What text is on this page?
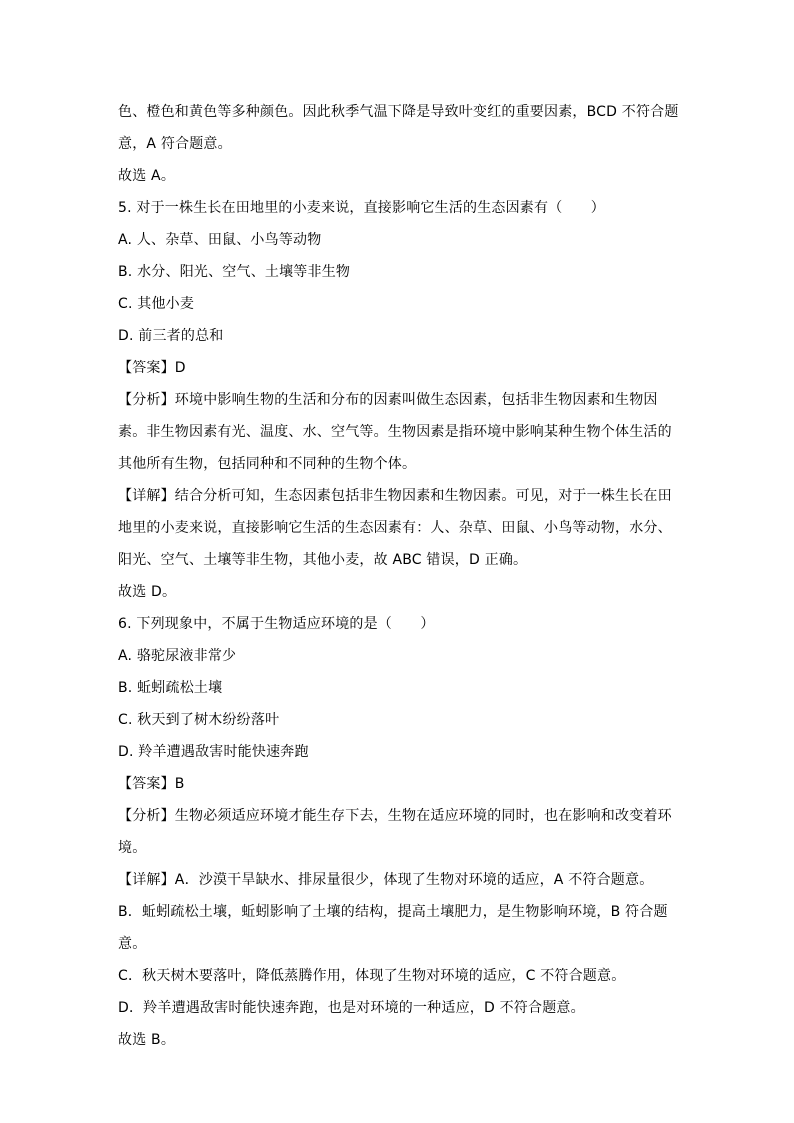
色、橙色和黄色等多种颜色。因此秋季气温下降是导致叶变红的重要因素，BCD 不符合题
意，A 符合题意。
故选 A。
5. 对于一株生长在田地里的小麦来说，直接影响它生活的生态因素有（　　）
A. 人、杂草、田鼠、小鸟等动物
B. 水分、阳光、空气、土壤等非生物
C. 其他小麦
D. 前三者的总和
【答案】D
【分析】环境中影响生物的生活和分布的因素叫做生态因素，包括非生物因素和生物因
素。非生物因素有光、温度、水、空气等。生物因素是指环境中影响某种生物个体生活的
其他所有生物，包括同种和不同种的生物个体。
【详解】结合分析可知，生态因素包括非生物因素和生物因素。可见，对于一株生长在田
地里的小麦来说，直接影响它生活的生态因素有：人、杂草、田鼠、小鸟等动物，水分、
阳光、空气、土壤等非生物，其他小麦，故 ABC 错误，D 正确。
故选 D。
6. 下列现象中，不属于生物适应环境的是（　　）
A. 骆驼尿液非常少
B. 蚯蚓疏松土壤
C. 秋天到了树木纷纷落叶
D. 羚羊遭遇敌害时能快速奔跑
【答案】B
【分析】生物必须适应环境才能生存下去，生物在适应环境的同时，也在影响和改变着环
境。
【详解】A．沙漠干旱缺水、排尿量很少，体现了生物对环境的适应，A 不符合题意。
B．蚯蚓疏松土壤，蚯蚓影响了土壤的结构，提高土壤肥力，是生物影响环境，B 符合题
意。
C．秋天树木要落叶，降低蒸腾作用，体现了生物对环境的适应，C 不符合题意。
D．羚羊遭遇敌害时能快速奔跑，也是对环境的一种适应，D 不符合题意。
故选 B。
